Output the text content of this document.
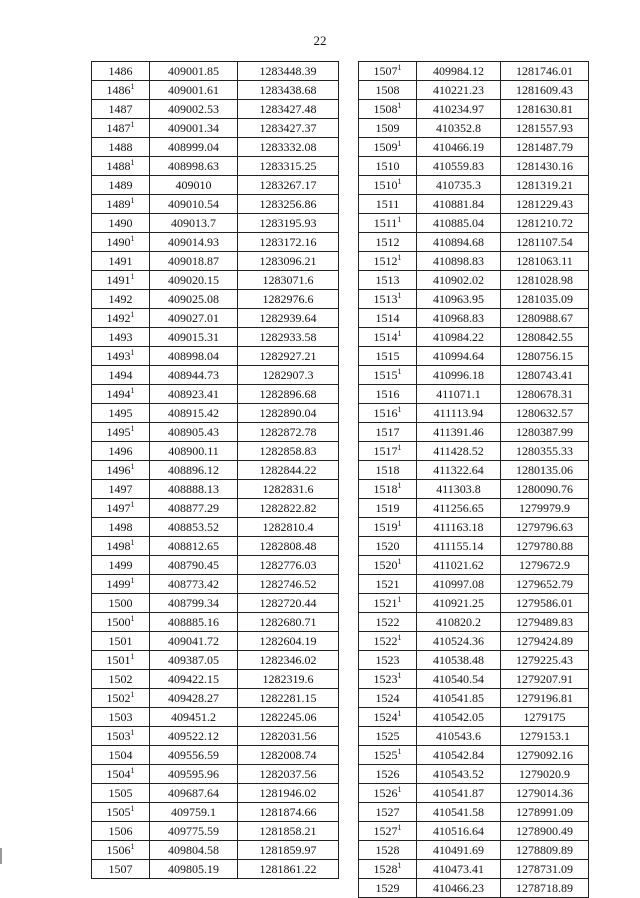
22
1486	409001.85	1283448.39
1486$^1$	409001.61	1283438.68
1487	409002.53	1283427.48
1487$^1$	409001.34	1283427.37
1488	408999.04	1283332.08
1488$^1$	408998.63	1283315.25
1489	409010	1283267.17
1489$^1$	409010.54	1283256.86
1490	409013.7	1283195.93
1490$^1$	409014.93	1283172.16
1491	409018.87	1283096.21
1491$^1$	409020.15	1283071.6
1492	409025.08	1282976.6
1492$^1$	409027.01	1282939.64
1493	409015.31	1282933.58
1493$^1$	408998.04	1282927.21
1494	408944.73	1282907.3
1494$^1$	408923.41	1282896.68
1495	408915.42	1282890.04
1495$^1$	408905.43	1282872.78
1496	408900.11	1282858.83
1496$^1$	408896.12	1282844.22
1497	408888.13	1282831.6
1497$^1$	408877.29	1282822.82
1498	408853.52	1282810.4
1498$^1$	408812.65	1282808.48
1499	408790.45	1282776.03
1499$^1$	408773.42	1282746.52
1500	408799.34	1282720.44
1500$^1$	408885.16	1282680.71
1501	409041.72	1282604.19
1501$^1$	409387.05	1282346.02
1502	409422.15	1282319.6
1502$^1$	409428.27	1282281.15
1503	409451.2	1282245.06
1503$^1$	409522.12	1282031.56
1504	409556.59	1282008.74
1504$^1$	409595.96	1282037.56
1505	409687.64	1281946.02
1505$^1$	409759.1	1281874.66
1506	409775.59	1281858.21
1506$^1$	409804.58	1281859.97
1507	409805.19	1281861.22
1507$^1$	409984.12	1281746.01
1508	410221.23	1281609.43
1508$^1$	410234.97	1281630.81
1509	410352.8	1281557.93
1509$^1$	410466.19	1281487.79
1510	410559.83	1281430.16
1510$^1$	410735.3	1281319.21
1511	410881.84	1281229.43
1511$^1$	410885.04	1281210.72
1512	410894.68	1281107.54
1512$^1$	410898.83	1281063.11
1513	410902.02	1281028.98
1513$^1$	410963.95	1281035.09
1514	410968.83	1280988.67
1514$^1$	410984.22	1280842.55
1515	410994.64	1280756.15
1515$^1$	410996.18	1280743.41
1516	411071.1	1280678.31
1516$^1$	411113.94	1280632.57
1517	411391.46	1280387.99
1517$^1$	411428.52	1280355.33
1518	411322.64	1280135.06
1518$^1$	411303.8	1280090.76
1519	411256.65	1279979.9
1519$^1$	411163.18	1279796.63
1520	411155.14	1279780.88
1520$^1$	411021.62	1279672.9
1521	410997.08	1279652.79
1521$^1$	410921.25	1279586.01
1522	410820.2	1279489.83
1522$^1$	410524.36	1279424.89
1523	410538.48	1279225.43
1523$^1$	410540.54	1279207.91
1524	410541.85	1279196.81
1524$^1$	410542.05	1279175
1525	410543.6	1279153.1
1525$^1$	410542.84	1279092.16
1526	410543.52	1279020.9
1526$^1$	410541.87	1279014.36
1527	410541.58	1278991.09
1527$^1$	410516.64	1278900.49
1528	410491.69	1278809.89
1528$^1$	410473.41	1278731.09
1529	410466.23	1278718.89
